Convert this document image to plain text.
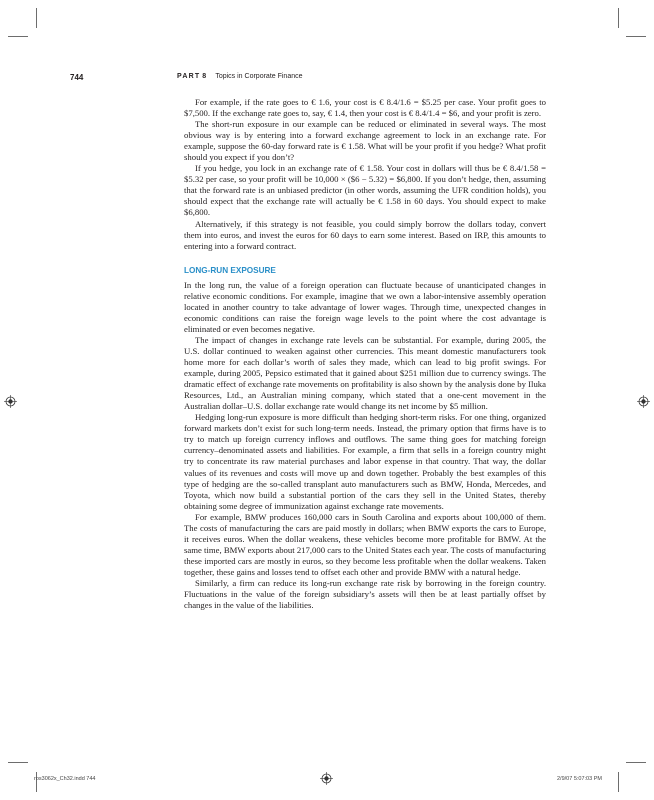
744	PART 8 Topics in Corporate Finance

For example, if the rate goes to € 1.6, your cost is € 8.4/1.6 = $5.25 per case. Your profit goes to $7,500. If the exchange rate goes to, say, € 1.4, then your cost is € 8.4/1.4 = $6, and your profit is zero.

The short-run exposure in our example can be reduced or eliminated in several ways. The most obvious way is by entering into a forward exchange agreement to lock in an exchange rate. For example, suppose the 60-day forward rate is € 1.58. What will be your profit if you hedge? What profit should you expect if you don’t?

If you hedge, you lock in an exchange rate of € 1.58. Your cost in dollars will thus be € 8.4/1.58 = $5.32 per case, so your profit will be 10,000 × ($6 − 5.32) = $6,800. If you don’t hedge, then, assuming that the forward rate is an unbiased predictor (in other words, assuming the UFR condition holds), you should expect that the exchange rate will actually be € 1.58 in 60 days. You should expect to make $6,800.

Alternatively, if this strategy is not feasible, you could simply borrow the dollars today, convert them into euros, and invest the euros for 60 days to earn some interest. Based on IRP, this amounts to entering into a forward contract.

LONG-RUN EXPOSURE

In the long run, the value of a foreign operation can fluctuate because of unanticipated changes in relative economic conditions. For example, imagine that we own a labor-intensive assembly operation located in another country to take advantage of lower wages. Through time, unexpected changes in economic conditions can raise the foreign wage levels to the point where the cost advantage is eliminated or even becomes negative.

The impact of changes in exchange rate levels can be substantial. For example, during 2005, the U.S. dollar continued to weaken against other currencies. This meant domestic manufacturers took home more for each dollar’s worth of sales they made, which can lead to big profit swings. For example, during 2005, Pepsico estimated that it gained about $251 million due to currency swings. The dramatic effect of exchange rate movements on profitability is also shown by the analysis done by Iluka Resources, Ltd., an Australian mining company, which stated that a one-cent movement in the Australian dollar–U.S. dollar exchange rate would change its net income by $5 million.

Hedging long-run exposure is more difficult than hedging short-term risks. For one thing, organized forward markets don’t exist for such long-term needs. Instead, the primary option that firms have is to try to match up foreign currency inflows and outflows. The same thing goes for matching foreign currency–denominated assets and liabilities. For example, a firm that sells in a foreign country might try to concentrate its raw material purchases and labor expense in that country. That way, the dollar values of its revenues and costs will move up and down together. Probably the best examples of this type of hedging are the so-called transplant auto manufacturers such as BMW, Honda, Mercedes, and Toyota, which now build a substantial portion of the cars they sell in the United States, thereby obtaining some degree of immunization against exchange rate movements.

For example, BMW produces 160,000 cars in South Carolina and exports about 100,000 of them. The costs of manufacturing the cars are paid mostly in dollars; when BMW exports the cars to Europe, it receives euros. When the dollar weakens, these vehicles become more profitable for BMW. At the same time, BMW exports about 217,000 cars to the United States each year. The costs of manufacturing these imported cars are mostly in euros, so they become less profitable when the dollar weakens. Taken together, these gains and losses tend to offset each other and provide BMW with a natural hedge.

Similarly, a firm can reduce its long-run exchange rate risk by borrowing in the foreign country. Fluctuations in the value of the foreign subsidiary’s assets will then be at least partially offset by changes in the value of the liabilities.

ros3062x_Ch32.indd 744	2/9/07 5:07:03 PM
